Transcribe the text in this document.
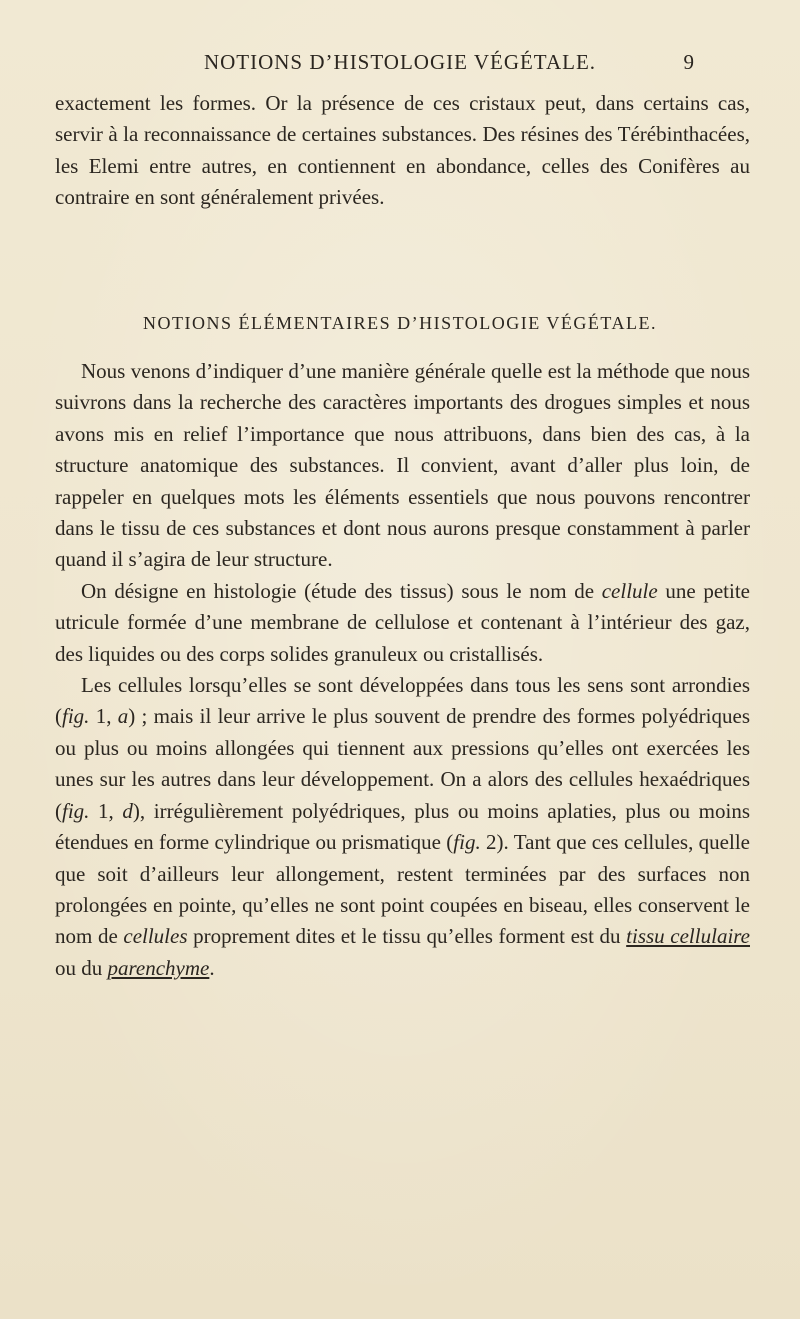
NOTIONS D’HISTOLOGIE VÉGÉTALE.	9

exactement les formes. Or la présence de ces cristaux peut, dans certains cas, servir à la reconnaissance de certaines substances. Des résines des Térébinthacées, les Elemi entre autres, en contiennent en abondance, celles des Conifères au contraire en sont généralement privées.

NOTIONS ÉLÉMENTAIRES D’HISTOLOGIE VÉGÉTALE.

Nous venons d’indiquer d’une manière générale quelle est la méthode que nous suivrons dans la recherche des caractères importants des drogues simples et nous avons mis en relief l’importance que nous attribuons, dans bien des cas, à la structure anatomique des substances. Il convient, avant d’aller plus loin, de rappeler en quelques mots les éléments essentiels que nous pouvons rencontrer dans le tissu de ces substances et dont nous aurons presque constamment à parler quand il s’agira de leur structure.

On désigne en histologie (étude des tissus) sous le nom de cellule une petite utricule formée d’une membrane de cellulose et contenant à l’intérieur des gaz, des liquides ou des corps solides granuleux ou cristallisés.

Les cellules lorsqu’elles se sont développées dans tous les sens sont arrondies (fig. 1, a) ; mais il leur arrive le plus souvent de prendre des formes polyédriques ou plus ou moins allongées qui tiennent aux pressions qu’elles ont exercées les unes sur les autres dans leur développement. On a alors des cellules hexaédriques (fig. 1, d), irrégulièrement polyédriques, plus ou moins aplaties, plus ou moins étendues en forme cylindrique ou prismatique (fig. 2). Tant que ces cellules, quelle que soit d’ailleurs leur allongement, restent terminées par des surfaces non prolongées en pointe, qu’elles ne sont point coupées en biseau, elles conservent le nom de cellules proprement dites et le tissu qu’elles forment est du tissu cellulaire ou du parenchyme.
